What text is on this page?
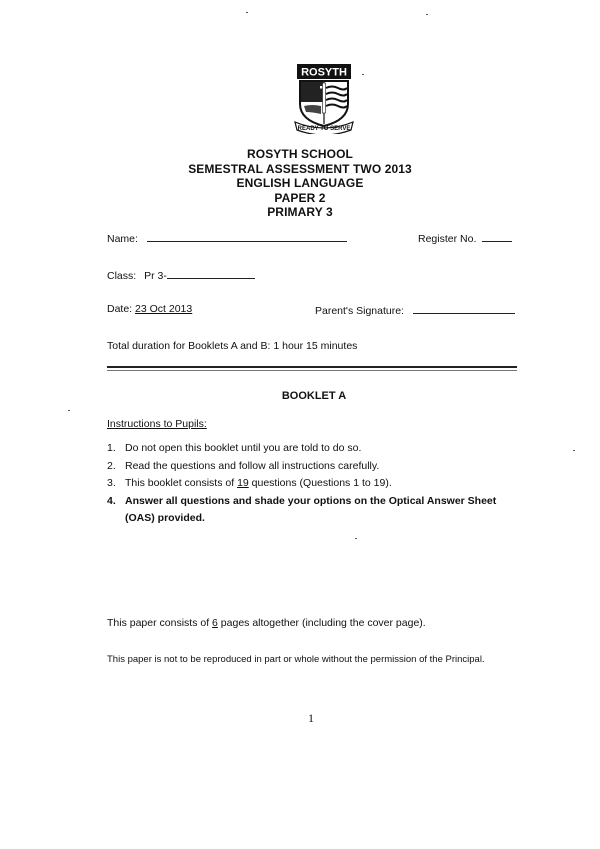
ROSYTH
READY TO SERVE
ROSYTH SCHOOL
SEMESTRAL ASSESSMENT TWO 2013
ENGLISH LANGUAGE
PAPER 2
PRIMARY 3
Name:	Register No.
Class: Pr 3-
Date: 23 Oct 2013	Parent's Signature:
Total duration for Booklets A and B: 1 hour 15 minutes
BOOKLET A
Instructions to Pupils:
1. Do not open this booklet until you are told to do so.
2. Read the questions and follow all instructions carefully.
3. This booklet consists of 19 questions (Questions 1 to 19).
4. Answer all questions and shade your options on the Optical Answer Sheet
(OAS) provided.
This paper consists of 6 pages altogether (including the cover page).
This paper is not to be reproduced in part or whole without the permission of the Principal.
1
